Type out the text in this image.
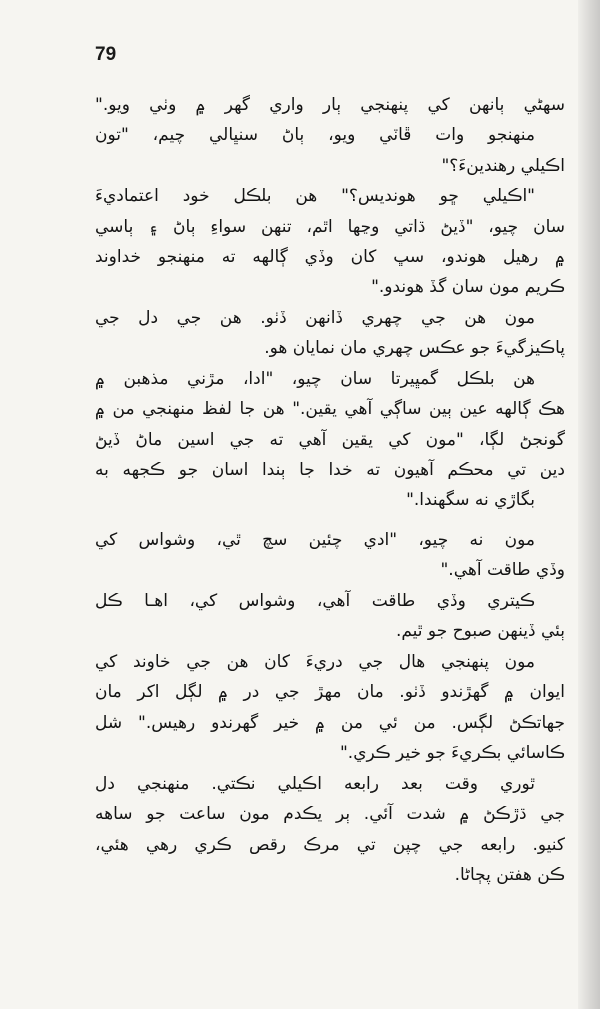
79
سهڻي ٻانهن کي پنهنجي ٻار واري گهر ۾ وٺي ويو."
منهنجو وات ڦاٽي ويو، ٻاڻ سنڀالي چيم، "تون
اڪيلي رهندينءَ؟"
"اڪيلي ڇو هونديس؟" هن بلڪل خود اعتماديءَ
سان چيو، "ڏيڻ ڌاتي وڃها اٿم، تنهن سواءِ ٻاڻ ۽ ٻاسي
۾ رهيل هوندو، سڀ کان وڏي ڳالهه ته منهنجو خداوند
ڪريم مون سان گڏ هوندو."
مون هن جي چهري ڏانهن ڏٺو. هن جي دل جي
پاڪيزگيءَ جو عڪس چهري مان نمايان هو.
هن بلڪل گمڀيرتا سان چيو، "ادا، مڙني مذهبن ۾
هڪ ڳالهه عين ٻين ساڳي آهي يقين." هن جا لفظ منهنجي من ۾
گونجڻ لڳا، "مون کي يقين آهي ته جي اسين ماڻ ڏيڻ
دين تي محڪم آهيون ته خدا جا ٻندا اسان جو ڪجهه به
بگاڙي نه سگهندا."
مون نه چيو، "ادي چئين سچ ٿي، وشواس کي
وڏي طاقت آهي."
ڪيتري وڏي طاقت آهي، وشواس کي، اهـا ڪل
ٻئي ڏينهن صبوح جو ٿيم.
مون پنهنجي هال جي دريءَ کان هن جي خاوند کي
ايوان ۾ گهڙندو ڏٺو. مان مهڙ جي در ۾ لڳل اکر مان
جهاتڪڻ لڳس. من ئي من ۾ خير گهرندو رهيس." شل
ڪاسائي بڪريءَ جو خير ڪري."
ٿوري وقت بعد رابعه اڪيلي نڪتي. منهنجي دل
جي ڌڙڪڻ ۾ شدت آئي. ٻر يڪدم مون ساعت جو ساهه
کنيو. رابعه جي چپن تي مرڪ رقص ڪري رهي هئي،
ڪن هفتن پڄاڻا.
